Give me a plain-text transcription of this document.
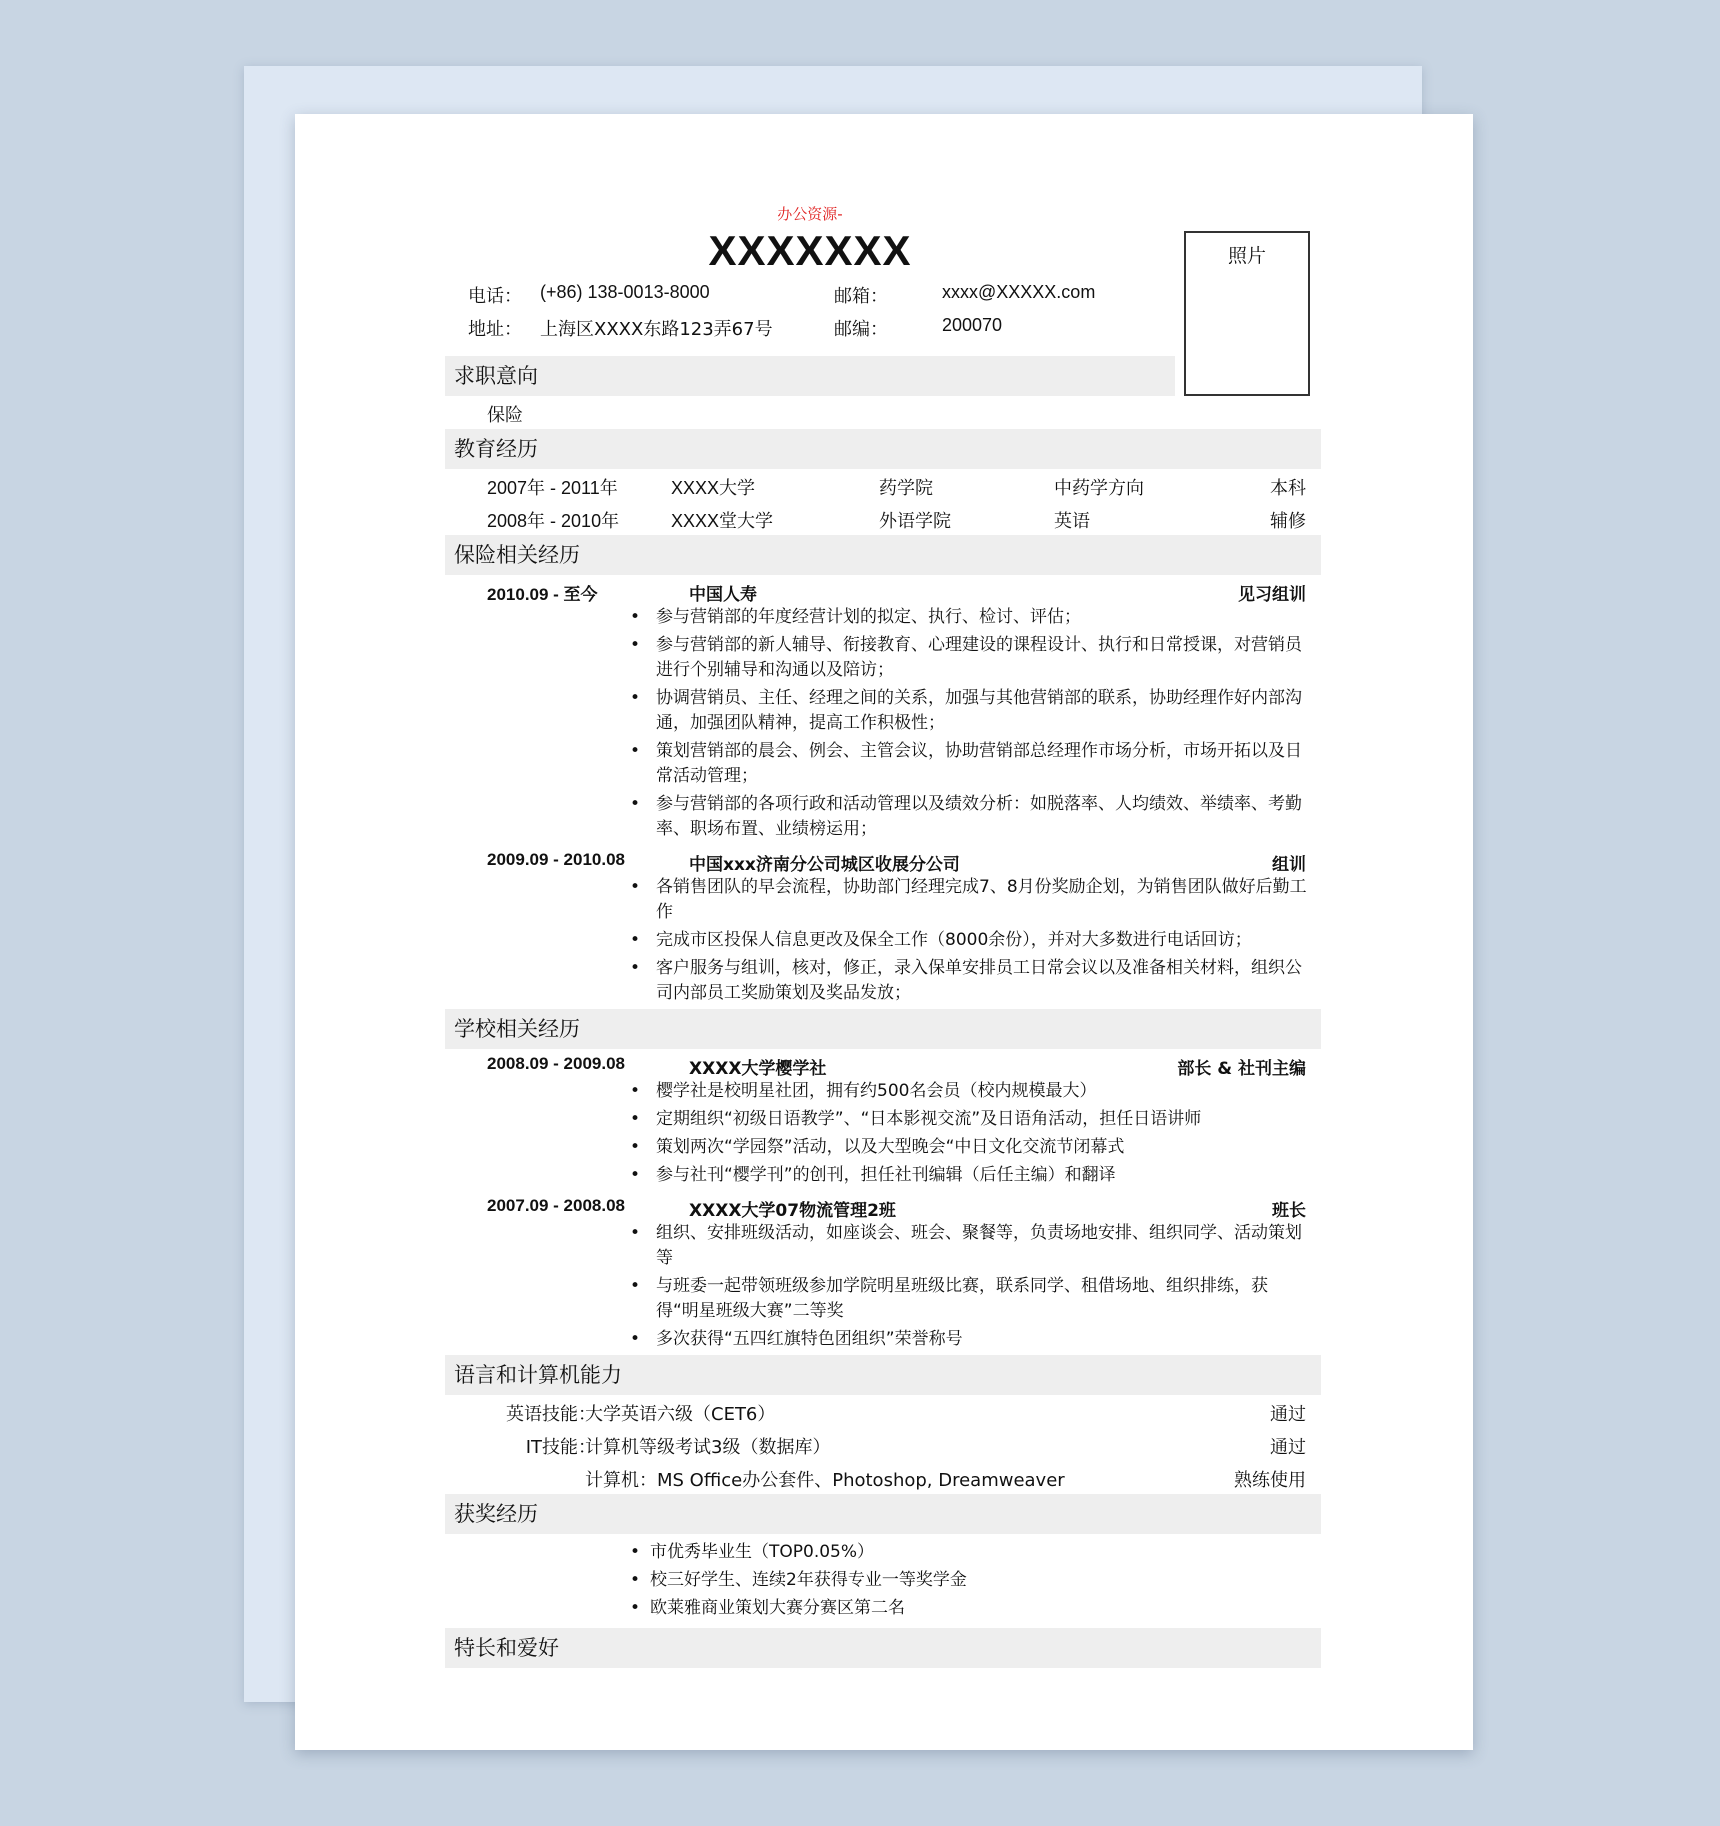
办公资源-
XXXXXXX	照片
电话： (+86) 138-0013-8000	邮箱：	xxxx@XXXXX.com
地址： 上海区XXXX东路123弄67号	邮编：	200070
求职意向
保险
教育经历
2007年 - 2011年	XXXX大学	药学院	中药学方向	本科
2008年 - 2010年	XXXX堂大学	外语学院	英语	辅修
保险相关经历
2010.09 - 至今	中国人寿	见习组训
• 参与营销部的年度经营计划的拟定、执行、检讨、评估；
• 参与营销部的新人辅导、衔接教育、心理建设的课程设计、执行和日常授课，对营销员进行个别辅导和沟通以及陪访；
• 协调营销员、主任、经理之间的关系，加强与其他营销部的联系，协助经理作好内部沟通，加强团队精神，提高工作积极性；
• 策划营销部的晨会、例会、主管会议，协助营销部总经理作市场分析，市场开拓以及日常活动管理；
• 参与营销部的各项行政和活动管理以及绩效分析：如脱落率、人均绩效、举绩率、考勤率、职场布置、业绩榜运用；
2009.09 - 2010.08	中国xxx济南分公司城区收展分公司	组训
• 各销售团队的早会流程，协助部门经理完成7、8月份奖励企划，为销售团队做好后勤工作
• 完成市区投保人信息更改及保全工作（8000余份），并对大多数进行电话回访；
• 客户服务与组训，核对，修正，录入保单安排员工日常会议以及准备相关材料，组织公司内部员工奖励策划及奖品发放；
学校相关经历
2008.09 - 2009.08	XXXX大学樱学社	部长 & 社刊主编
• 樱学社是校明星社团，拥有约500名会员（校内规模最大）
• 定期组织“初级日语教学”、“日本影视交流”及日语角活动，担任日语讲师
• 策划两次“学园祭”活动，以及大型晚会“中日文化交流节闭幕式
• 参与社刊“樱学刊”的创刊，担任社刊编辑（后任主编）和翻译
2007.09 - 2008.08	XXXX大学07物流管理2班	班长
• 组织、安排班级活动，如座谈会、班会、聚餐等，负责场地安排、组织同学、活动策划等
• 与班委一起带领班级参加学院明星班级比赛，联系同学、租借场地、组织排练，获得“明星班级大赛”二等奖
• 多次获得“五四红旗特色团组织”荣誉称号
语言和计算机能力
英语技能：
大学英语六级（CET6）	通过
IT技能：
计算机等级考试3级（数据库）	通过
计算机：MS Office办公套件、Photoshop, Dreamweaver	熟练使用
获奖经历
• 市优秀毕业生（TOP0.05%）
• 校三好学生、连续2年获得专业一等奖学金
• 欧莱雅商业策划大赛分赛区第二名
特长和爱好
